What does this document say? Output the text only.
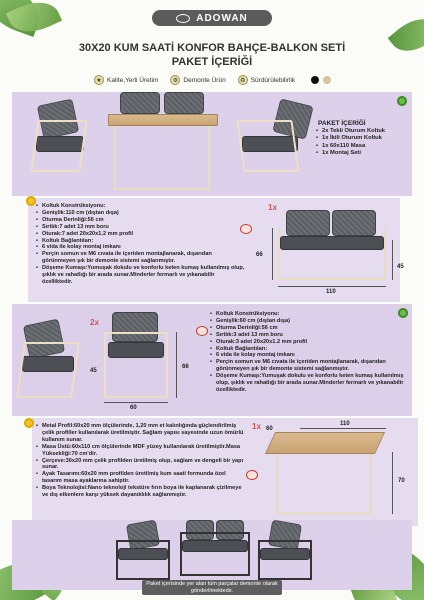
ADOWAN
30X20 KUM SAATİ KONFOR BAHÇE-BALKON SETİ
PAKET İÇERİĞİ
★ Kalite,Yerli Üretim	⚙ Demonte Ürün	♻ Sürdürülebilirlik
PAKET İÇERİĞİ
• 2x Tekli Oturum Koltuk
• 1x İkili Oturum Koltuk
• 1x 60x110 Masa
• 1x Montaj Seti
• Koltuk Konstrüksiyonu:
• Genişlik:110 cm (dıştan dışa)
• Oturma Derinliği:56 cm
• Sırtlık:7 adet 13 mm boru
• Oturak:7 adet 20x20x1.2 mm profil
• Koltuk Bağlantıları:
• 6 vida ile kolay montaj imkanı
• Perçin somun ve M6 cıvata ile içeriden montajlanarak, dışarıdan görünmeyen şık bir demonte sistemi sağlanmıştır.
• Döşeme Kumaşı:Yumuşak dokulu ve konforlu keten kumaş kullanılmış olup, şıklık ve rahatlığı bir arada sunar.Minderler fermarlı ve yıkanabilir özelliktedir.
1x
66
45
110
2x
45
66
60
• Koltuk Konstrüksiyonu:
• Genişlik:60 cm (dıştan dışa)
• Oturma Derinliği:56 cm
• Sırtlık:3 adet 13 mm boru
• Oturak:3 adet 20x20x1.2 mm profil
• Koltuk Bağlantıları:
• 6 vida ile kolay montaj imkanı
• Perçin somun ve M6 cıvata ile içeriden montajlanarak, dışarıdan görünmeyen şık bir demonte sistemi sağlanmıştır.
• Döşeme Kumaşı:Yumuşak dokulu ve konforlu keten kumaş kullanılmış olup, şıklık ve rahatlığı bir arada sunar.Minderler fermarlı ve yıkanabilir özelliktedir.
• Metal Profil:60x20 mm ölçülerinde, 1,20 mm et kalınlığında güçlendirilmiş çelik profiller kullanılarak üretilmiştir. Sağlam yapısı sayesinde uzun ömürlü kullanım sunar.
• Masa Üstü:60x110 cm ölçülerinde MDF yüzey kullanılarak üretilmiştir.Masa Yüksekliği:70 cm'dir.
• Çerçeve:30x20 mm çelik profilden üretilmiş olup, sağlam ve dengeli bir yapı sunar.
• Ayak Tasarımı:60x20 mm profilden üretilmiş kum saati formunda özel tasarım masa ayaklarına sahiptir.
• Boya Teknolojisi:Nano teknoloji tekstüre fırın boya ile kaplanarak çizilmeye ve dış etkenlere karşı yüksek dayanıklılık sağlanmıştır.
1x	110
60
70
Paket içerisinde yer alan tüm parçalar demonte olarak gönderilmektedir.
